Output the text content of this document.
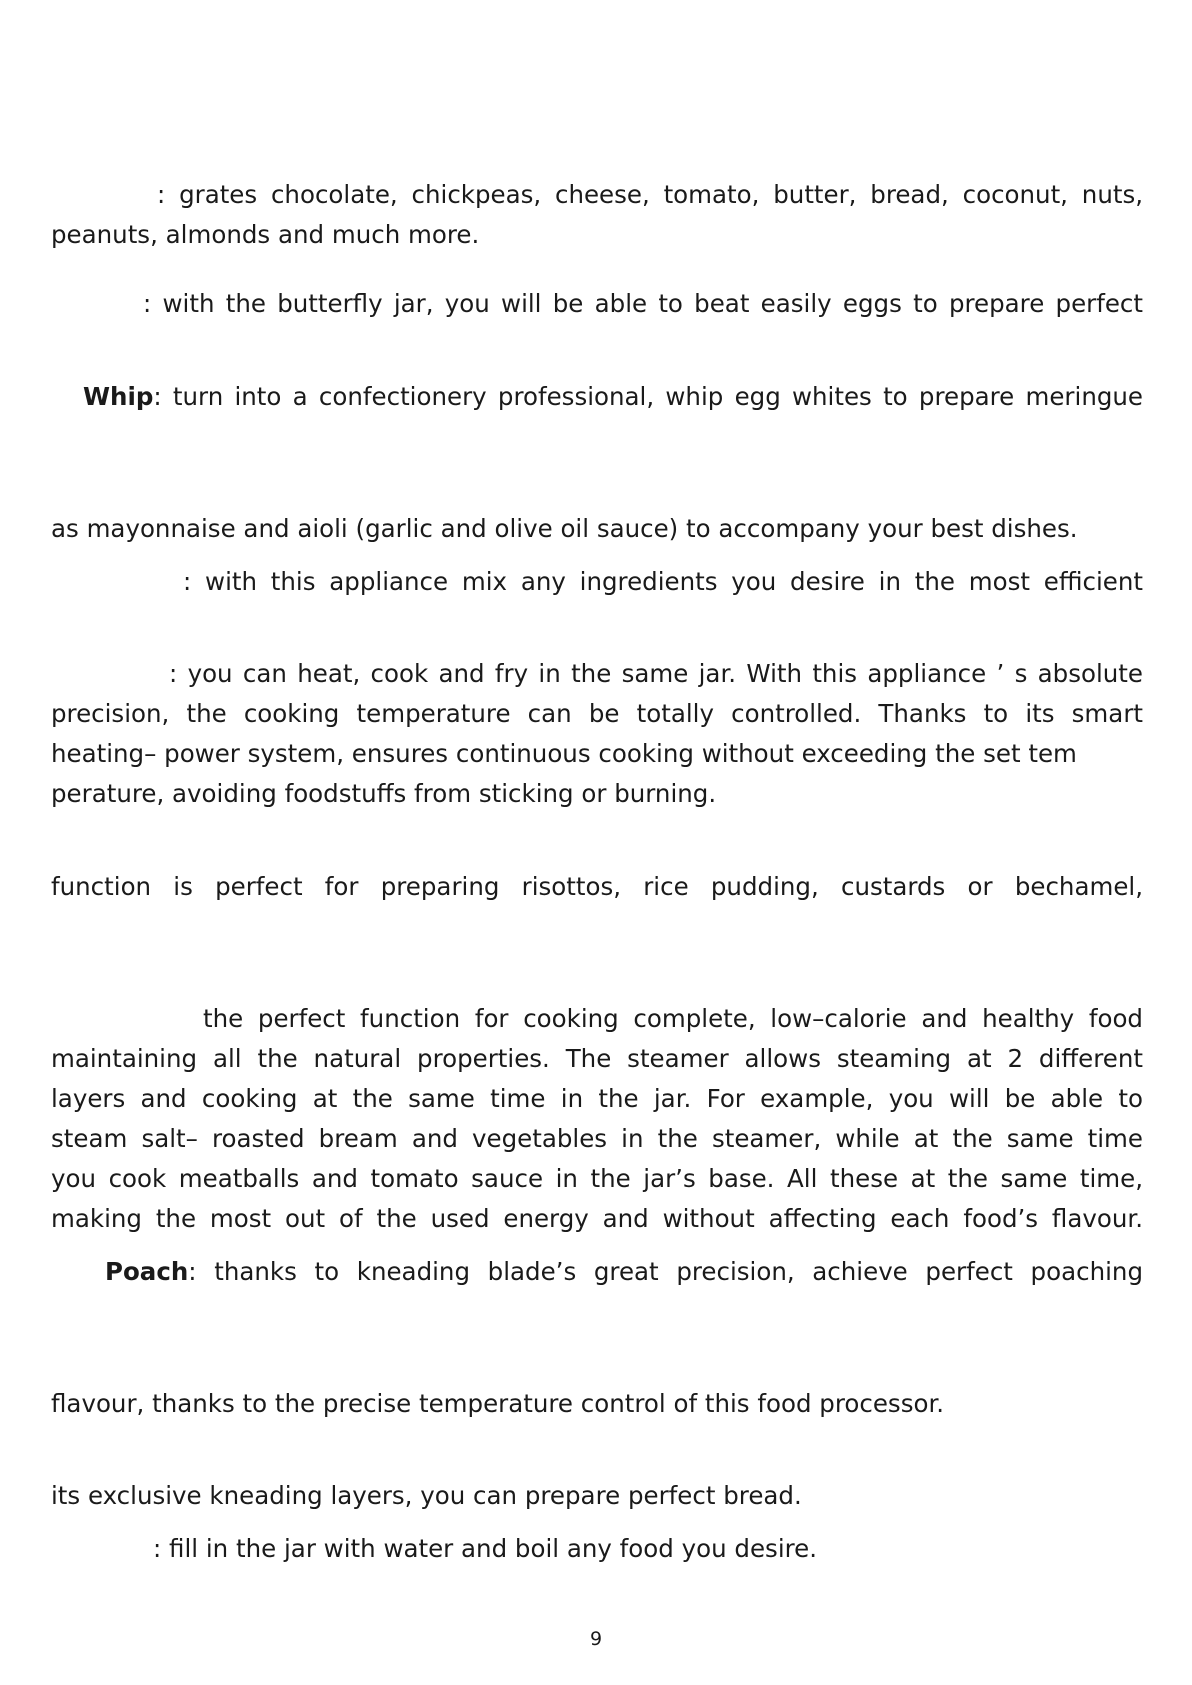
: grates chocolate, chickpeas, cheese, tomato, butter, bread, coconut, nuts,
peanuts, almonds and much more.
: with the butterfly jar, you will be able to beat easily eggs to prepare perfect
Whip: turn into a confectionery professional, whip egg whites to prepare meringue
as mayonnaise and aioli (garlic and olive oil sauce) to accompany your best dishes.
: with this appliance mix any ingredients you desire in the most efficient
: you can heat, cook and fry in the same jar. With this appliance ’ s absolute
precision, the cooking temperature can be totally controlled. Thanks to its smart
heating– power system, ensures continuous cooking without exceeding the set tem
perature, avoiding foodstuffs from sticking or burning.
function is perfect for preparing risottos, rice pudding, custards or bechamel,
the perfect function for cooking complete, low–calorie and healthy food
maintaining all the natural properties. The steamer allows steaming at 2 different
layers and cooking at the same time in the jar. For example, you will be able to
steam salt– roasted bream and vegetables in the steamer, while at the same time
you cook meatballs and tomato sauce in the jar’s base. All these at the same time,
making the most out of the used energy and without affecting each food’s flavour.
Poach: thanks to kneading blade’s great precision, achieve perfect poaching
flavour, thanks to the precise temperature control of this food processor.
its exclusive kneading layers, you can prepare perfect bread.
: fill in the jar with water and boil any food you desire.
9
